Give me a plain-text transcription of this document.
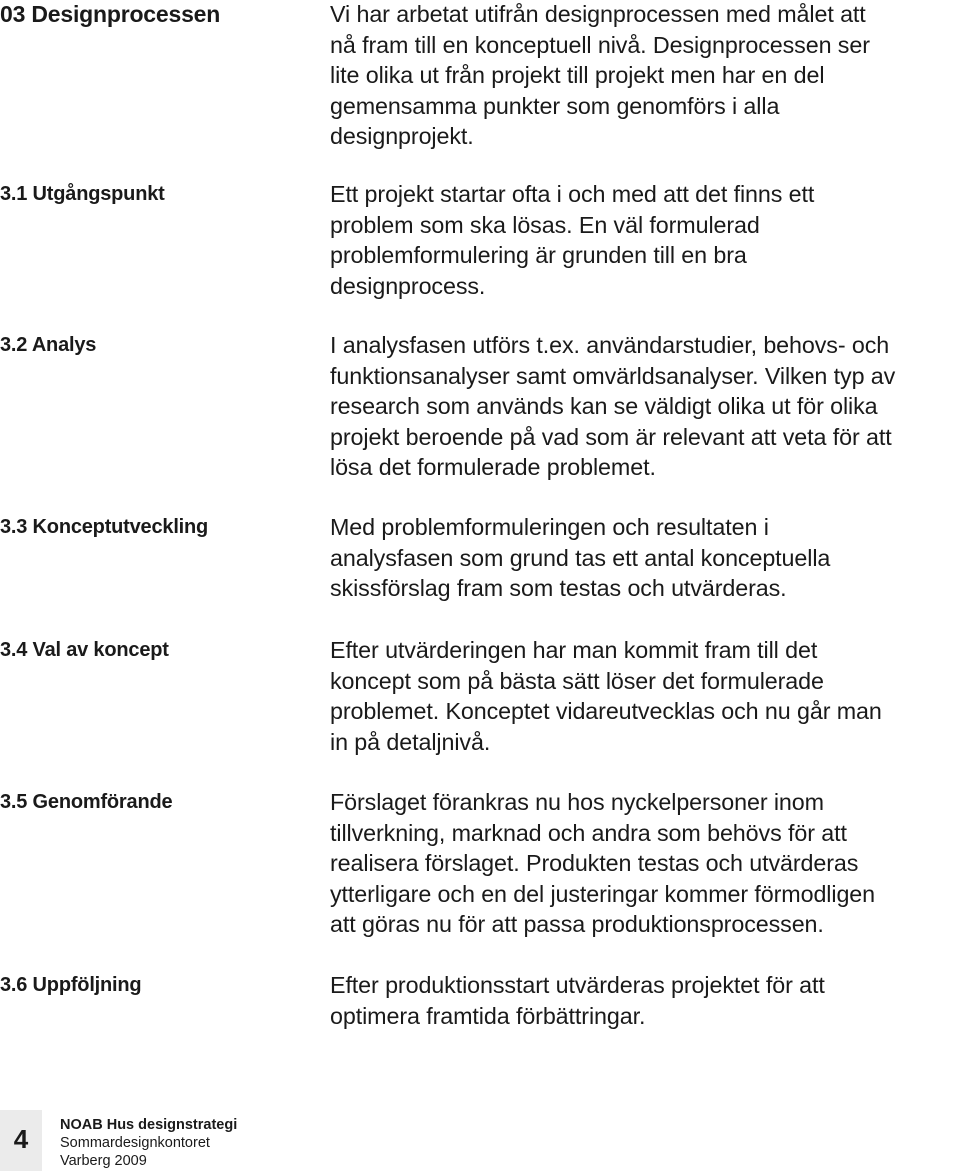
03 Designprocessen	Vi har arbetat utifrån designprocessen med målet att
nå fram till en konceptuell nivå. Designprocessen ser
lite olika ut från projekt till projekt men har en del
gemensamma punkter som genomförs i alla
designprojekt.
3.1 Utgångspunkt	Ett projekt startar ofta i och med att det finns ett
problem som ska lösas. En väl formulerad
problemformulering är grunden till en bra
designprocess.
3.2 Analys	I analysfasen utförs t.ex. användarstudier, behovs- och
funktionsanalyser samt omvärldsanalyser. Vilken typ av
research som används kan se väldigt olika ut för olika
projekt beroende på vad som är relevant att veta för att
lösa det formulerade problemet.
3.3 Konceptutveckling	Med problemformuleringen och resultaten i
analysfasen som grund tas ett antal konceptuella
skissförslag fram som testas och utvärderas.
3.4 Val av koncept	Efter utvärderingen har man kommit fram till det
koncept som på bästa sätt löser det formulerade
problemet. Konceptet vidareutvecklas och nu går man
in på detaljnivå.
3.5 Genomförande	Förslaget förankras nu hos nyckelpersoner inom
tillverkning, marknad och andra som behövs för att
realisera förslaget. Produkten testas och utvärderas
ytterligare och en del justeringar kommer förmodligen
att göras nu för att passa produktionsprocessen.
3.6 Uppföljning	Efter produktionsstart utvärderas projektet för att
optimera framtida förbättringar.
4	NOAB Hus designstrategi
Sommardesignkontoret
Varberg 2009
